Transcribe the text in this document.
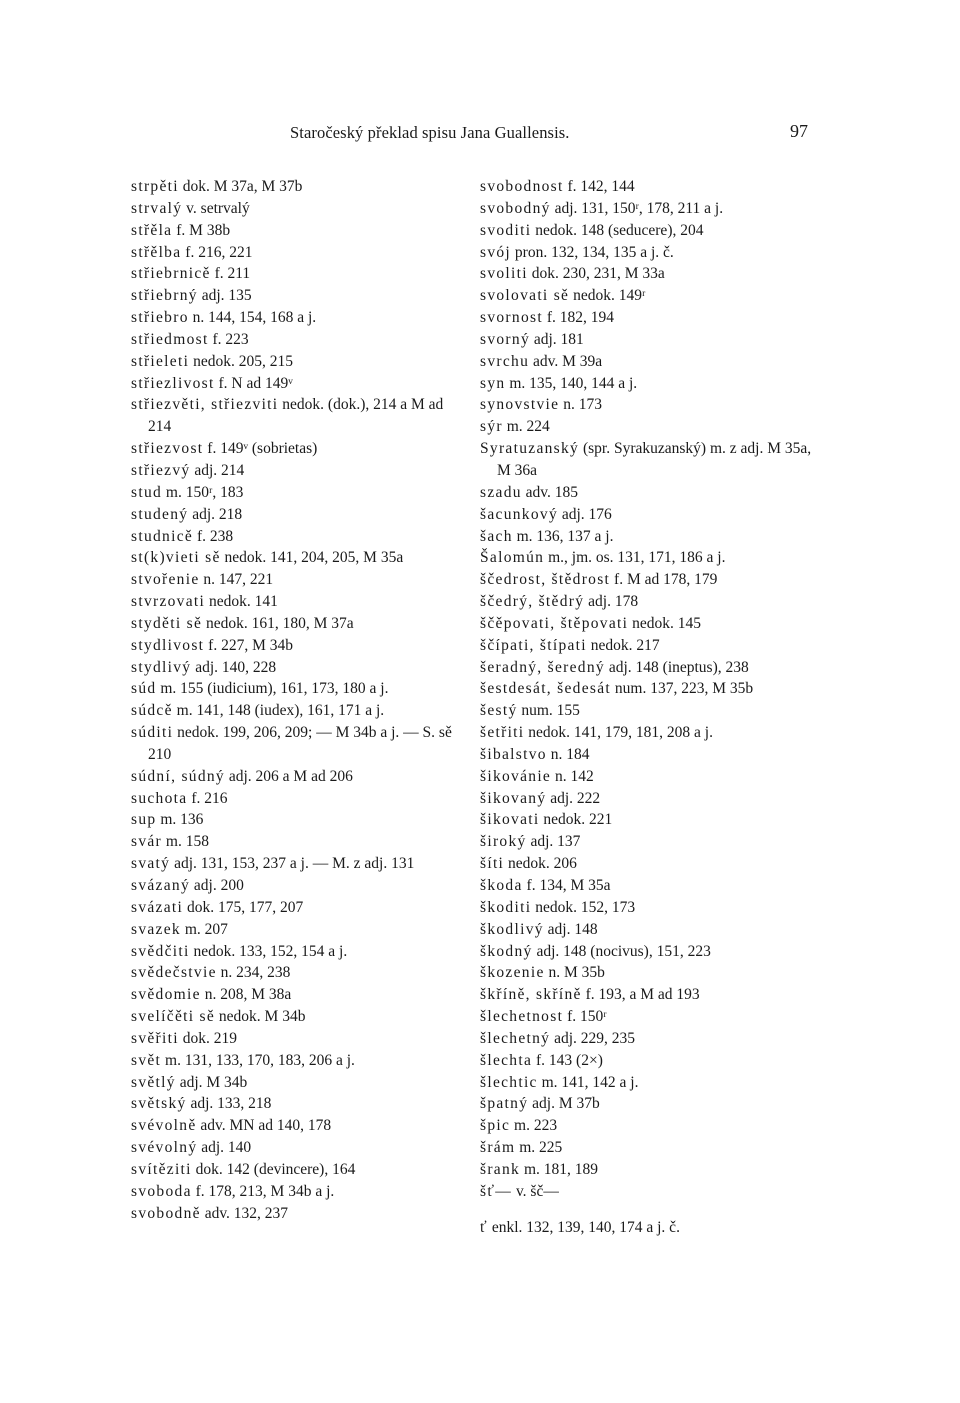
Staročeský překlad spisu Jana Guallensis.	97
strpěti dok. M 37a, M 37b
strvalý v. setrvalý
střěla f. M 38b
střělba f. 216, 221
střiebrnicě f. 211
střiebrný adj. 135
střiebro n. 144, 154, 168 a j.
střiedmost f. 223
střieleti nedok. 205, 215
střiezlivost f. N ad 149ᵛ
střiezvěti, střiezviti nedok. (dok.), 214 a M ad 214
střiezvost f. 149ᵛ (sobrietas)
střiezvý adj. 214
stud m. 150ʳ, 183
studený adj. 218
studnicě f. 238
st(k)vieti sě nedok. 141, 204, 205, M 35a
stvořenie n. 147, 221
stvrzovati nedok. 141
styděti sě nedok. 161, 180, M 37a
stydlivost f. 227, M 34b
stydlivý adj. 140, 228
súd m. 155 (iudicium), 161, 173, 180 a j.
súdcě m. 141, 148 (iudex), 161, 171 a j.
súditi nedok. 199, 206, 209; — M 34b a j. — S. sě 210
súdní, súdný adj. 206 a M ad 206
suchota f. 216
sup m. 136
svár m. 158
svatý adj. 131, 153, 237 a j. — M. z adj. 131
svázaný adj. 200
svázati dok. 175, 177, 207
svazek m. 207
svědčiti nedok. 133, 152, 154 a j.
svědečstvie n. 234, 238
svědomie n. 208, M 38a
svelíčěti sě nedok. M 34b
svěřiti dok. 219
svět m. 131, 133, 170, 183, 206 a j.
světlý adj. M 34b
světský adj. 133, 218
svévolně adv. MN ad 140, 178
svévolný adj. 140
svítěziti dok. 142 (devincere), 164
svoboda f. 178, 213, M 34b a j.
svobodně adv. 132, 237
svobodnost f. 142, 144
svobodný adj. 131, 150ʳ, 178, 211 a j.
svoditi nedok. 148 (seducere), 204
svój pron. 132, 134, 135 a j. č.
svoliti dok. 230, 231, M 33a
svolovati sě nedok. 149ʳ
svornost f. 182, 194
svorný adj. 181
svrchu adv. M 39a
syn m. 135, 140, 144 a j.
synovstvie n. 173
sýr m. 224
Syratuzanský (spr. Syrakuzanský) m. z adj. M 35a, M 36a
szadu adv. 185
šacunkový adj. 176
šach m. 136, 137 a j.
Šalomún m., jm. os. 131, 171, 186 a j.
ščedrost, štědrost f. M ad 178, 179
ščedrý, štědrý adj. 178
ščěpovati, štěpovati nedok. 145
ščípati, štípati nedok. 217
šeradný, šeredný adj. 148 (ineptus), 238
šestdesát, šedesát num. 137, 223, M 35b
šestý num. 155
šetřiti nedok. 141, 179, 181, 208 a j.
šibalstvo n. 184
šikovánie n. 142
šikovaný adj. 222
šikovati nedok. 221
široký adj. 137
šíti nedok. 206
škoda f. 134, M 35a
škoditi nedok. 152, 173
škodlivý adj. 148
škodný adj. 148 (nocivus), 151, 223
škozenie n. M 35b
škříně, skříně f. 193, a M ad 193
šlechetnost f. 150ʳ
šlechetný adj. 229, 235
šlechta f. 143 (2×)
šlechtic m. 141, 142 a j.
špatný adj. M 37b
špic m. 223
šrám m. 225
šrank m. 181, 189
šť— v. šč—
ť enkl. 132, 139, 140, 174 a j. č.
